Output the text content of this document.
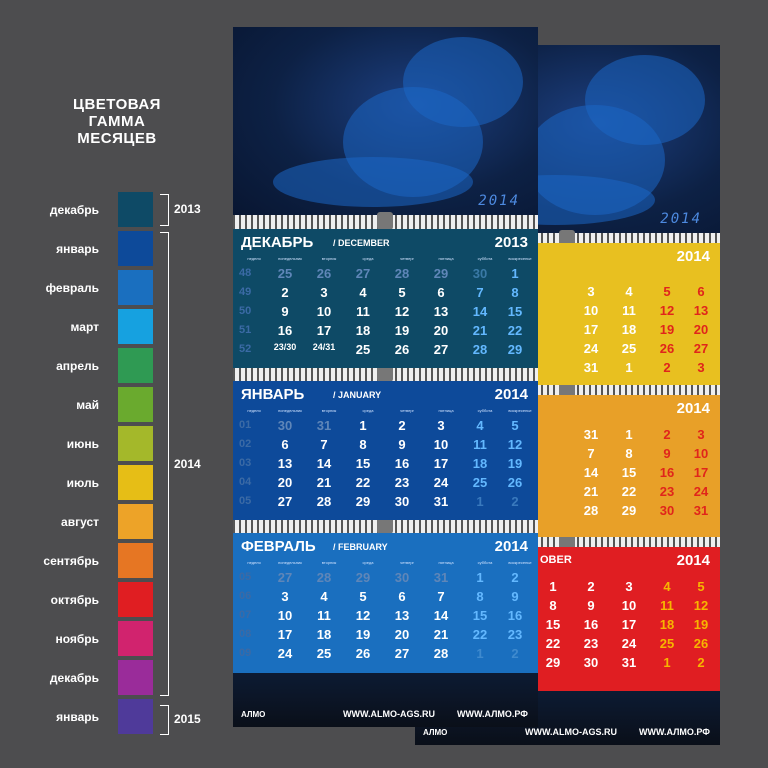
ЦВЕТОВАЯ
ГАММА
МЕСЯЦЕВ
декабрь
январь
февраль
март
апрель
май
июнь
июль
август
сентябрь
октябрь
ноябрь
декабрь
январь
2013
2014
2015
2014
2014
3	4	5	6
10	11	12	13
17	18	19	20
24	25	26	27
31	1	2	3
2014
31	1	2	3
7	8	9	10
14	15	16	17
21	22	23	24
28	29	30	31
OBER	2014
1	2	3	4	5
8	9	10	11	12
15	16	17	18	19
22	23	24	25	26
29	30	31	1	2
АЛМО	WWW.ALMO-AGS.RU WWW.АЛМО.РФ
2014
ДЕКАБРЬ / DECEMBER	2013
неделя	понедельник	вторник	среда	четверг	пятница	суббота	воскресенье
48	25	26	27	28	29	30	1
49	2	3	4	5	6	7	8
50	9	10	11	12	13	14	15
51	16	17	18	19	20	21	22
52	23/30	24/31	25	26	27	28	29
ЯНВАРЬ	/ JANUARY	2014
неделя	понедельник	вторник	среда	четверг	пятница	суббота	воскресенье
01	30	31	1	2	3	4	5
02	6	7	8	9	10	11	12
03	13	14	15	16	17	18	19
04	20	21	22	23	24	25	26
05	27	28	29	30	31	1	2
ФЕВРАЛЬ / FEBRUARY	2014
неделя	понедельник	вторник	среда	четверг	пятница	суббота	воскресенье
05	27	28	29	30	31	1	2
06	3	4	5	6	7	8	9
07	10	11	12	13	14	15	16
08	17	18	19	20	21	22	23
09	24	25	26	27	28	1	2
АЛМО	WWW.ALMO-AGS.RU WWW.АЛМО.РФ
